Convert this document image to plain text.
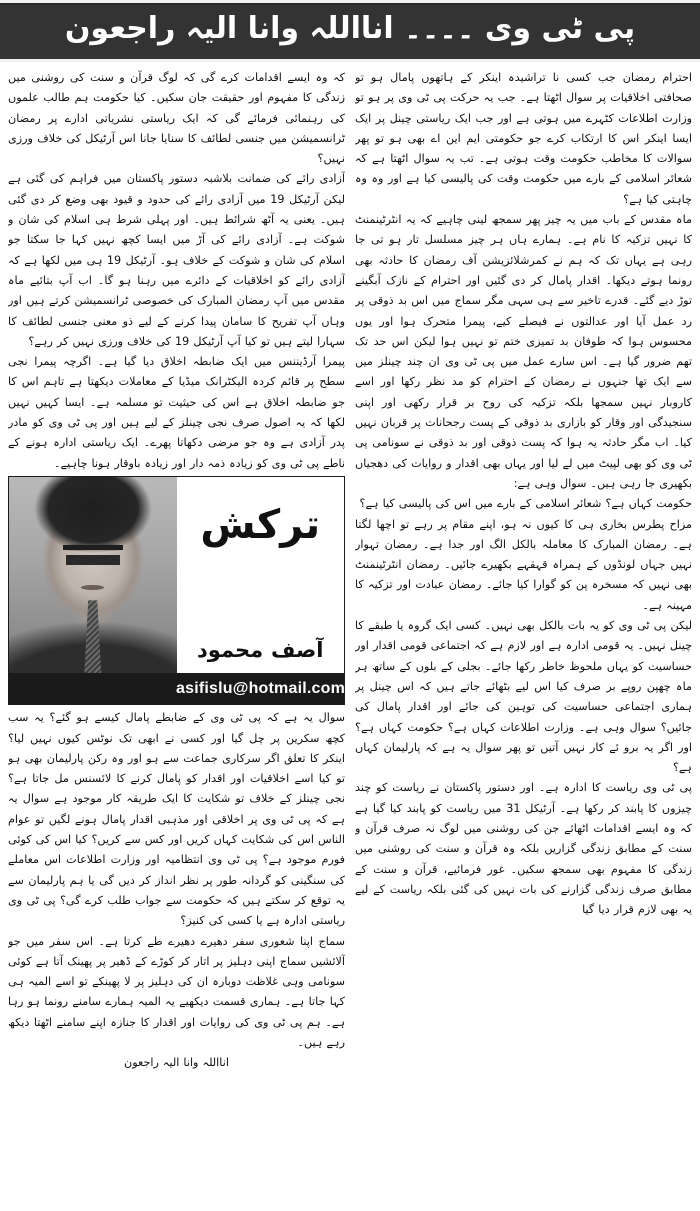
پی ٹی وی ۔۔۔۔ انااللہ وانا الیہ راجعون

احترام رمضان جب کسی نا تراشیدہ اینکر کے ہاتھوں پامال ہو تو صحافتی اخلاقیات پر سوال اٹھتا ہے۔ جب یہ حرکت پی ٹی وی پر ہو تو وزارت اطلاعات کٹہرے میں ہوتی ہے اور جب ایک ریاستی چینل پر ایک ایسا اینکر اس کا ارتکاب کرے جو حکومتی ایم این اے بھی ہو تو پھر سوالات کا مخاطب حکومت وقت ہوتی ہے۔ تب یہ سوال اٹھتا ہے کہ شعائر اسلامی کے بارے میں حکومت وقت کی پالیسی کیا ہے اور وہ وہ چاہتی کیا ہے؟

ماہ مقدس کے باب میں یہ چیز پھر سمجھ لینی چاہیے کہ یہ انٹرٹینمنٹ کا نہیں تزکیہ کا نام ہے۔ ہمارے ہاں ہر چیز مسلسل تار ہو تی جا رہی ہے یہاں تک کہ ہم نے کمرشلائزیشن آف رمضان کا حادثہ بھی رونما ہوتے دیکھا۔ اقدار پامال کر دی گئیں اور احترام کے نازک آبگینے توڑ دیے گئے۔ قدرے تاخیر سے ہی سہی مگر سماج میں اس بد ذوقی پر رد عمل آیا اور عدالتوں نے فیصلے کیے، پیمرا متحرک ہوا اور یوں محسوس ہوا کہ طوفان بد تمیزی ختم تو نہیں ہوا لیکن اس حد تک تھم ضرور گیا ہے۔ اس سارے عمل میں پی ٹی وی ان چند چینلز میں سے ایک تھا جنہوں نے رمضان کے احترام کو مد نظر رکھا اور اسے کاروبار نہیں سمجھا بلکہ تزکیہ کی روح بر قرار رکھی اور اپنی سنجیدگی اور وقار کو بازاری بد ذوقی کے پست رجحانات پر قربان نہیں کیا۔ اب مگر حادثہ یہ ہوا کہ پست ذوقی اور بد ذوقی نے سونامی پی ٹی وی کو بھی لپیٹ میں لے لیا اور یہاں بھی اقدار و روایات کی دھجیاں بکھیری جا رہی ہیں۔ سوال وہی ہے:

حکومت کہاں ہے؟ شعائر اسلامی کے بارے میں اس کی پالیسی کیا ہے؟

مزاح پطرس بخاری ہی کا کیوں نہ ہو، اپنے مقام پر رہے تو اچھا لگتا ہے۔ رمضان المبارک کا معاملہ بالکل الگ اور جدا ہے۔ رمضان تہوار نہیں جہاں لونڈوں کے ہمراہ قہقہے بکھیرے جائیں۔ رمضان انٹرٹینمنٹ بھی نہیں کہ مسخرہ پن کو گوارا کیا جائے۔ رمضان عبادت اور تزکیہ کا مہینہ ہے۔

لیکن پی ٹی وی کو یہ بات بالکل بھی نہیں۔ کسی ایک گروہ یا طبقے کا چینل نہیں۔ یہ قومی ادارہ ہے اور لازم ہے کہ اجتماعی قومی اقدار اور حساسیت کو یہاں ملحوظ خاطر رکھا جائے۔ بجلی کے بلوں کے ساتھ ہر ماہ چھپن روپے بر صرف کیا اس لیے بٹھائے جاتے ہیں کہ اس چینل پر ہماری اجتماعی حساسیت کی توہین کی جائے اور اقدار پامال کی جائیں؟ سوال وہی ہے۔ وزارت اطلاعات کہاں ہے؟ حکومت کہاں ہے؟ اور اگر یہ برو ئے کار نہیں آتیں تو پھر سوال یہ ہے کہ پارلیمان کہاں ہے؟

پی ٹی وی ریاست کا ادارہ ہے۔ اور دستور پاکستان نے ریاست کو چند چیزوں کا پابند کر رکھا ہے۔ آرٹیکل 31 میں ریاست کو پابند کیا گیا ہے کہ وہ ایسے اقدامات اٹھائے جن کی روشنی میں لوگ نہ صرف قرآن و سنت کے مطابق زندگی گزاریں بلکہ وہ قرآن و سنت کی روشنی میں زندگی کا مفہوم بھی سمجھ سکیں۔ غور فرمائیے، قرآن و سنت کے مطابق صرف زندگی گزارنے کی بات نہیں کی گئی بلکہ ریاست کے لیے یہ بھی لازم قرار دیا گیا

کہ وہ ایسے اقدامات کرے گی کہ لوگ قرآن و سنت کی روشنی میں زندگی کا مفہوم اور حقیقت جان سکیں۔ کیا حکومت ہم طالب علموں کی رہنمائی فرمائے گی کہ ایک ریاستی نشریاتی ادارے پر رمضان ٹرانسمیشن میں جنسی لطائف کا سنایا جانا اس آرٹیکل کی خلاف ورزی نہیں؟

آزادی رائے کی ضمانت بلاشبہ دستور پاکستان میں فراہم کی گئی ہے لیکن آرٹیکل 19 میں آزادی رائے کی حدود و قیود بھی وضع کر دی گئی ہیں۔ یعنی یہ آٹھ شرائط ہیں۔ اور پہلی شرط ہی اسلام کی شان و شوکت ہے۔ آزادی رائے کی آڑ میں ایسا کچھ نہیں کہا جا سکتا جو اسلام کی شان و شوکت کے خلاف ہو۔ آرٹیکل 19 ہی میں لکھا ہے کہ آزادی رائے کو اخلاقیات کے دائرے میں رہنا ہو گا۔ اب آپ بتائیے ماہ مقدس میں آپ رمضان المبارک کی خصوصی ٹرانسمیشن کرتے ہیں اور وہاں آپ تفریح کا سامان پیدا کرنے کے لیے ذو معنی جنسی لطائف کا سہارا لیتے ہیں تو کیا آپ آرٹیکل 19 کی خلاف ورزی نہیں کر رہے؟

پیمرا آرڈیننس میں ایک ضابطہ اخلاق دیا گیا ہے۔ اگرچہ پیمرا نجی سطح پر قائم کردہ الیکٹرانک میڈیا کے معاملات دیکھتا ہے تاہم اس کا جو ضابطہ اخلاق ہے اس کی حیثیت تو مسلمہ ہے۔ ایسا کہیں نہیں لکھا کہ یہ اصول صرف نجی چینلز کے لیے ہیں اور پی ٹی وی کو مادر پدر آزادی ہے وہ جو مرضی دکھاتا پھرے۔ ایک ریاستی ادارہ ہونے کے ناطے پی ٹی وی کو زیادہ ذمہ دار اور زیادہ باوقار ہونا چاہیے۔

ترکش
آصف محمود
asifislu@hotmail.com

سوال یہ ہے کہ پی ٹی وی کے ضابطے پامال کیسے ہو گئے؟ یہ سب کچھ سکرین پر چل گیا اور کسی نے ابھی تک نوٹس کیوں نہیں لیا؟ اینکر کا تعلق اگر سرکاری جماعت سے ہو اور وہ رکن پارلیمان بھی ہو تو کیا اسے اخلاقیات اور اقدار کو پامال کرنے کا لائسنس مل جاتا ہے؟ نجی چینلز کے خلاف تو شکایت کا ایک طریقہ کار موجود ہے سوال یہ ہے کہ پی ٹی وی پر اخلاقی اور مذہبی اقدار پامال ہونے لگیں تو عوام الناس اس کی شکایت کہاں کریں اور کس سے کریں؟ کیا اس کی کوئی فورم موجود ہے؟ پی ٹی وی انتظامیہ اور وزارت اطلاعات اس معاملے کی سنگینی کو گردانہ طور پر نظر انداز کر دیں گی یا ہم پارلیمان سے یہ توقع کر سکتے ہیں کہ حکومت سے جواب طلب کرے گی؟ پی ٹی وی ریاستی ادارہ ہے یا کسی کی کنیز؟

سماج اپنا شعوری سفر دھیرے دھیرے طے کرتا ہے۔ اس سفر میں جو آلائشیں سماج اپنی دہلیز پر اتار کر کوڑے کے ڈھیر پر پھینک آتا ہے کوئی سونامی وہی غلاظت دوبارہ ان کی دہلیز پر لا پھینکے تو اسے المیہ ہی کہا جاتا ہے۔ ہماری قسمت دیکھیے یہ المیہ ہمارے سامنے رونما ہو رہا ہے۔ ہم پی ٹی وی کی روایات اور اقدار کا جنازہ اپنے سامنے اٹھتا دیکھ رہے ہیں۔

انااللہ وانا الیہ راجعون
